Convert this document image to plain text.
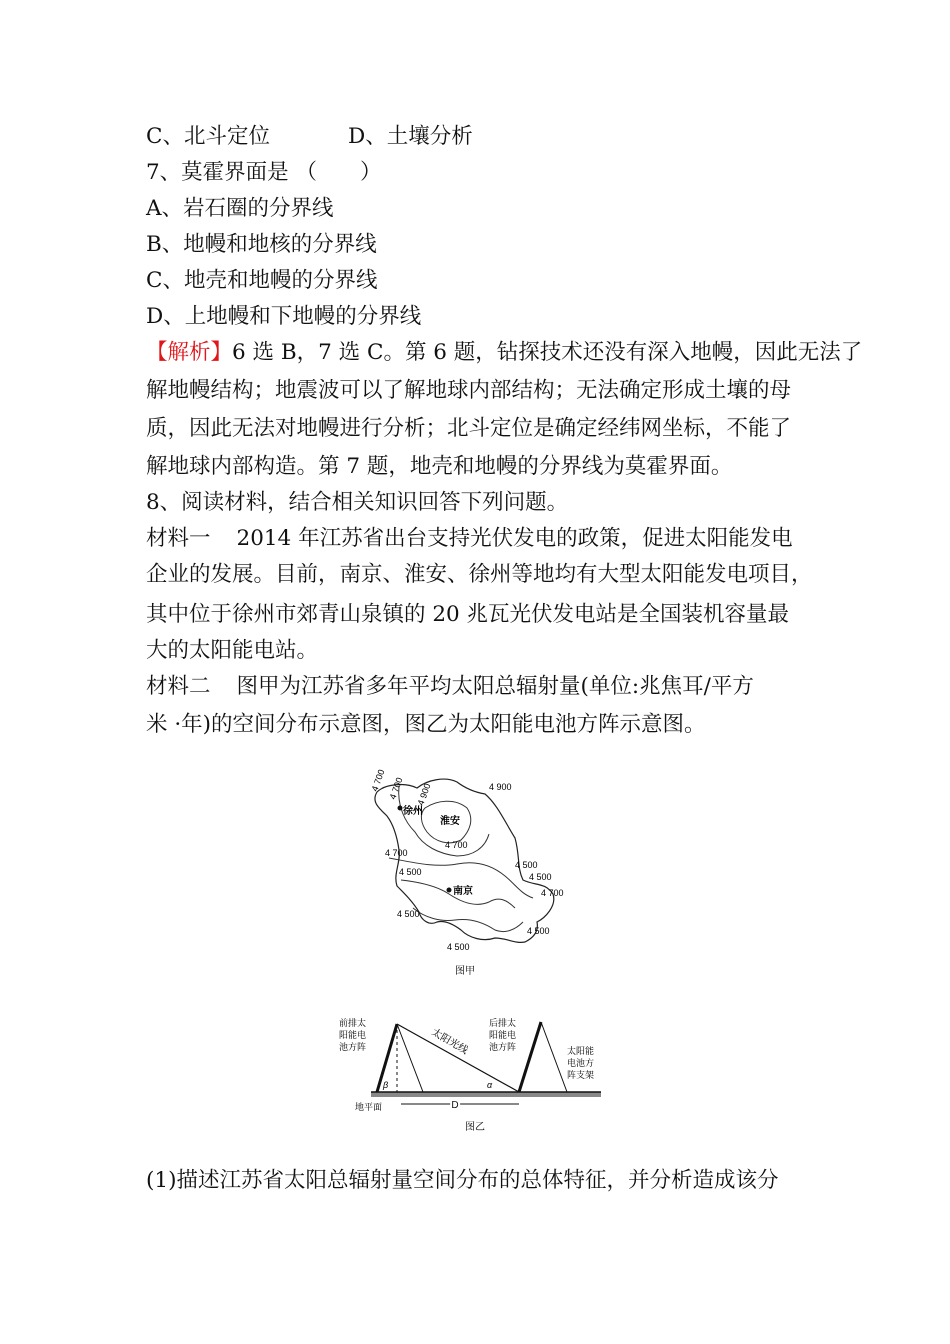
C、北斗定位	D、土壤分析
7、莫霍界面是 （　　）
A、岩石圈的分界线
B、地幔和地核的分界线
C、地壳和地幔的分界线
D、上地幔和下地幔的分界线
【解析】6 选 B，7 选 C。第 6 题，钻探技术还没有深入地幔，因此无法了
解地幔结构；地震波可以了解地球内部结构；无法确定形成土壤的母
质，因此无法对地幔进行分析；北斗定位是确定经纬网坐标，不能了
解地球内部构造。第 7 题，地壳和地幔的分界线为莫霍界面。
8、阅读材料，结合相关知识回答下列问题。
材料一 2014 年江苏省出台支持光伏发电的政策，促进太阳能发电
企业的发展。目前，南京、淮安、徐州等地均有大型太阳能发电项目，
其中位于徐州市郊青山泉镇的 20 兆瓦光伏发电站是全国装机容量最
大的太阳能电站。
材料二 图甲为江苏省多年平均太阳总辐射量(单位:兆焦耳/平方
米 ·年)的空间分布示意图，图乙为太阳能电池方阵示意图。
徐州
淮安
南京
4 700 4 700 4 900	4 900
4 700
4 700
4 500
4 500
4 500
4 500
4 700
4 500
4 500
图甲
D
前排太
阳能电
池方阵	太阳光线
后排太
阳能电
池方阵	太阳能
电池方
阵支架
β	α
地平面
图乙
(1)描述江苏省太阳总辐射量空间分布的总体特征，并分析造成该分
